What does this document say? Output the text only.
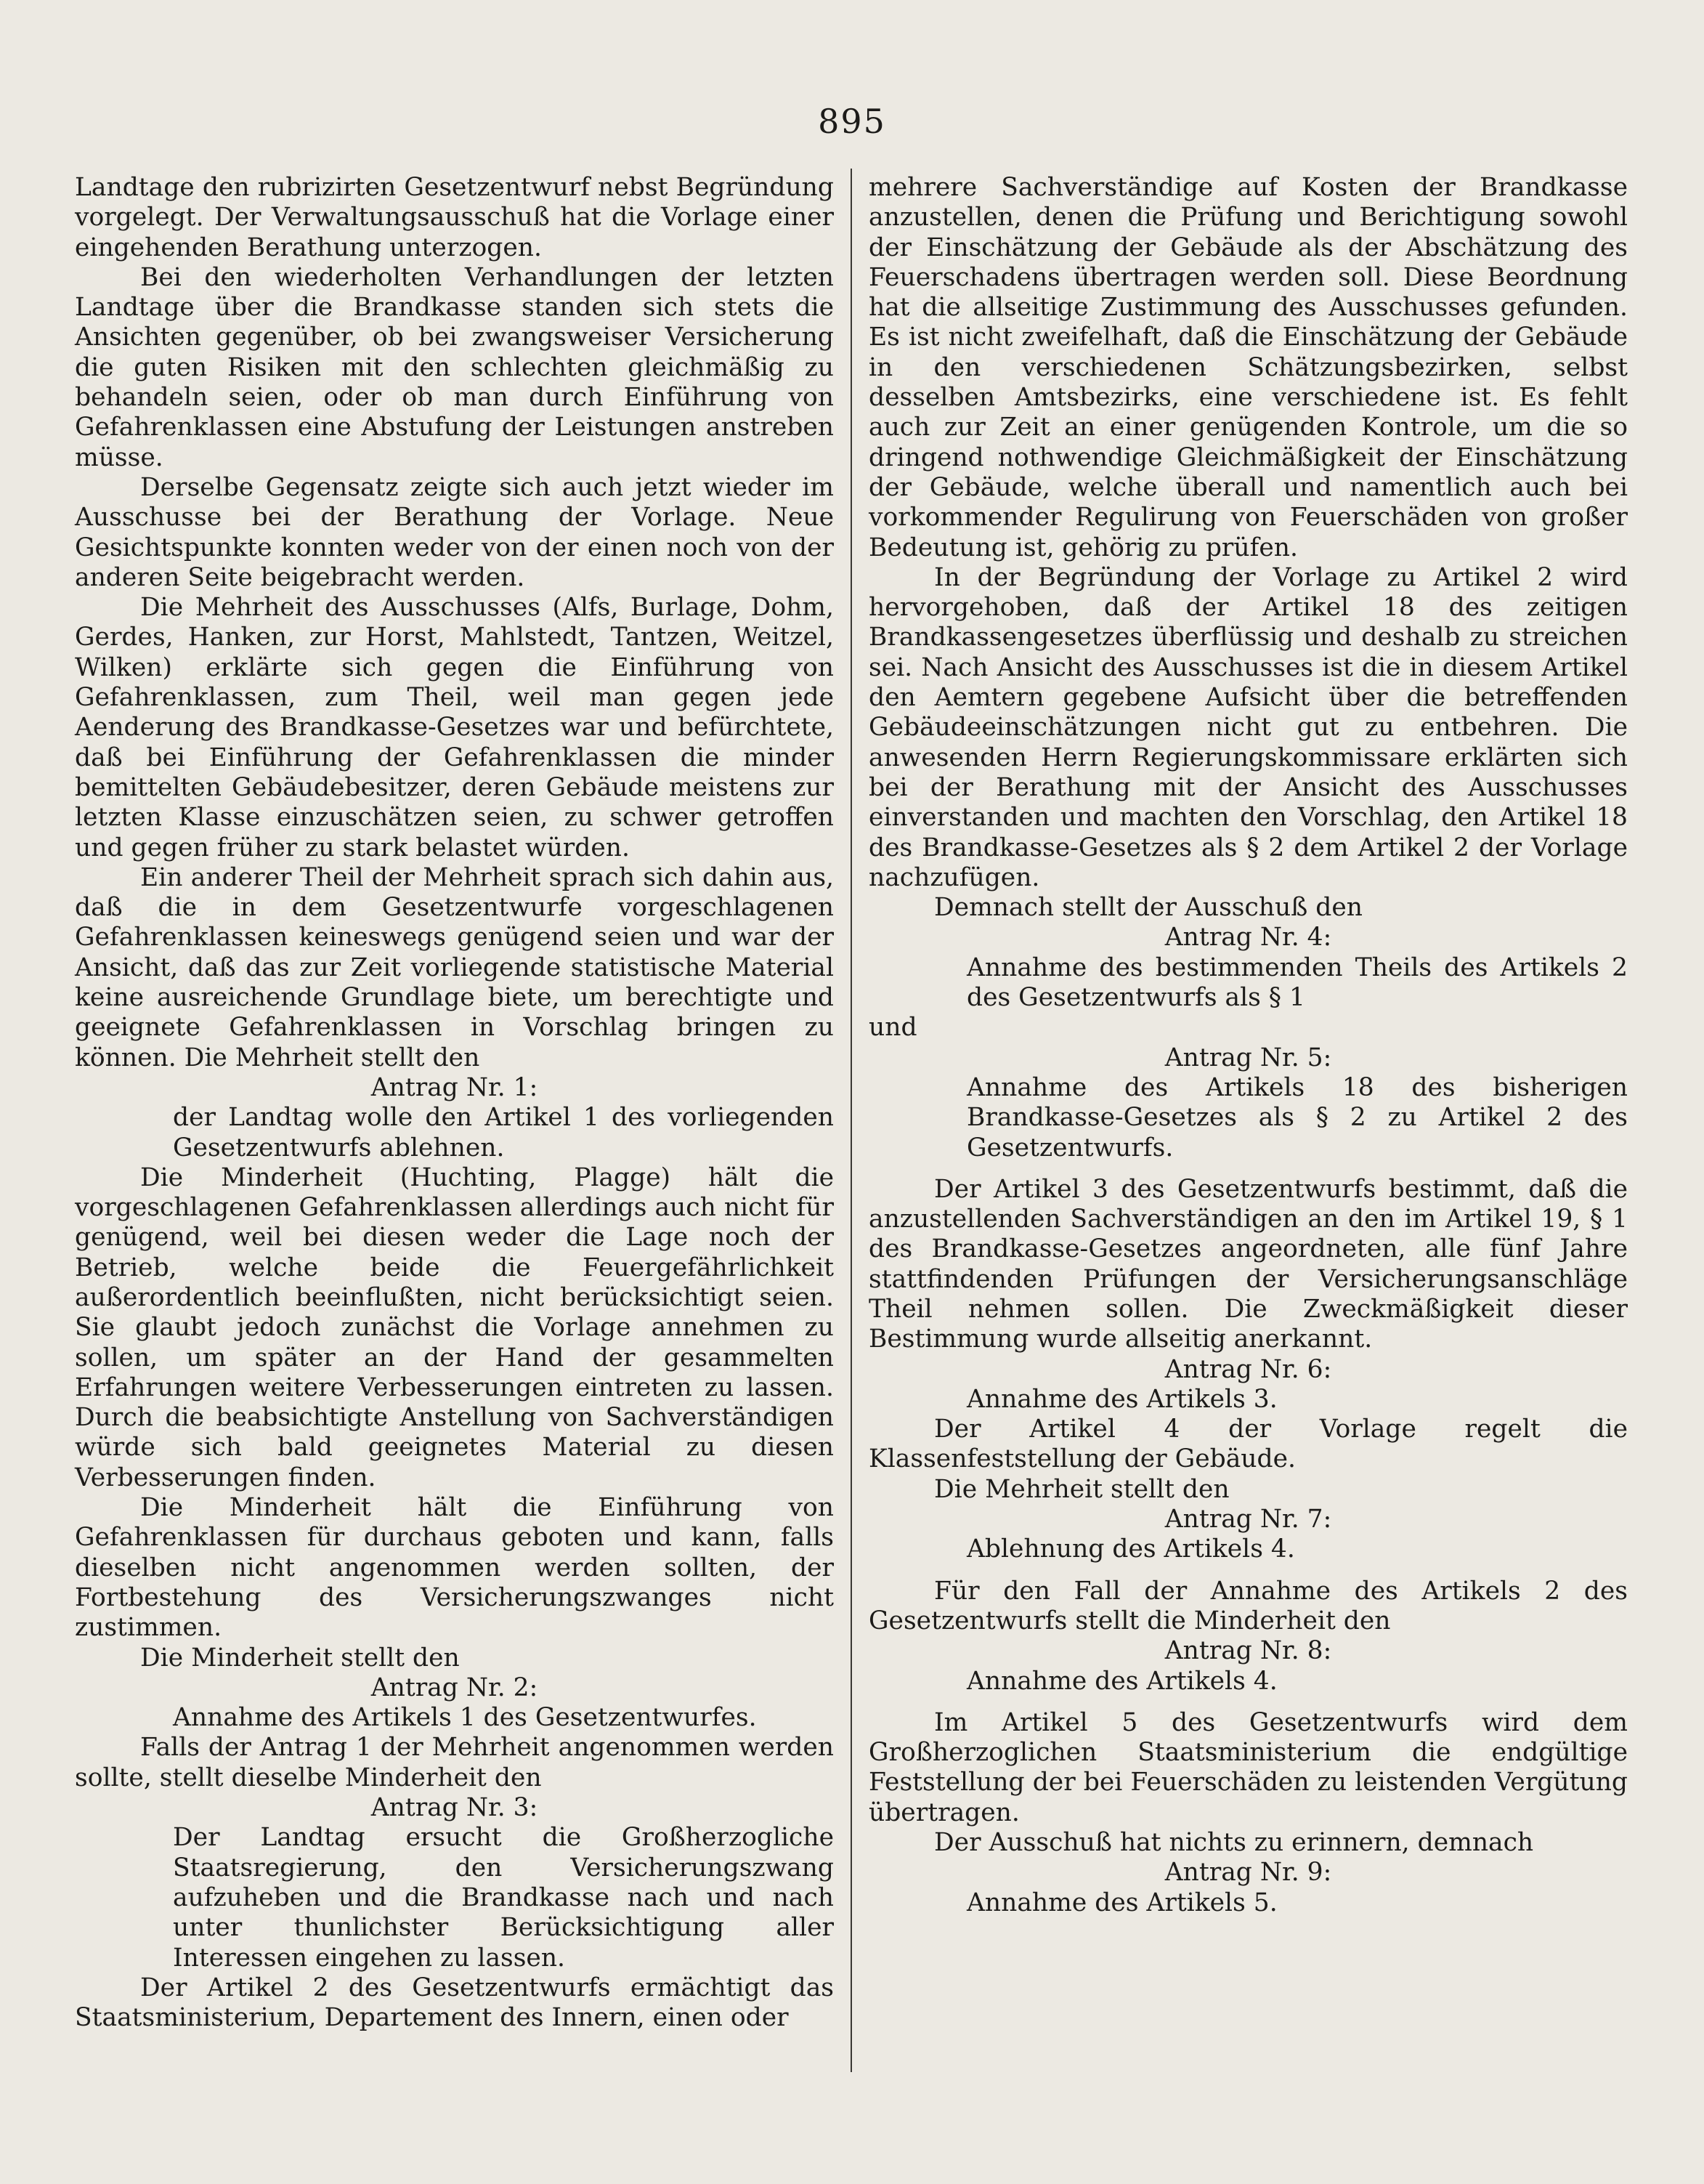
895

Landtage den rubrizirten Gesetzentwurf nebst Begründung vorgelegt. Der Verwaltungsausschuß hat die Vorlage einer eingehenden Berathung unterzogen.

Bei den wiederholten Verhandlungen der letzten Landtage über die Brandkasse standen sich stets die Ansichten gegenüber, ob bei zwangsweiser Versicherung die guten Risiken mit den schlechten gleichmäßig zu behandeln seien, oder ob man durch Einführung von Gefahrenklassen eine Abstufung der Leistungen anstreben müsse.

Derselbe Gegensatz zeigte sich auch jetzt wieder im Ausschusse bei der Berathung der Vorlage. Neue Gesichtspunkte konnten weder von der einen noch von der anderen Seite beigebracht werden.

Die Mehrheit des Ausschusses (Alfs, Burlage, Dohm, Gerdes, Hanken, zur Horst, Mahlstedt, Tantzen, Weitzel, Wilken) erklärte sich gegen die Einführung von Gefahrenklassen, zum Theil, weil man gegen jede Aenderung des Brandkasse-Gesetzes war und befürchtete, daß bei Einführung der Gefahrenklassen die minder bemittelten Gebäudebesitzer, deren Gebäude meistens zur letzten Klasse einzuschätzen seien, zu schwer getroffen und gegen früher zu stark belastet würden.

Ein anderer Theil der Mehrheit sprach sich dahin aus, daß die in dem Gesetzentwurfe vorgeschlagenen Gefahrenklassen keineswegs genügend seien und war der Ansicht, daß das zur Zeit vorliegende statistische Material keine ausreichende Grundlage biete, um berechtigte und geeignete Gefahrenklassen in Vorschlag bringen zu können. Die Mehrheit stellt den

Antrag Nr. 1:

der Landtag wolle den Artikel 1 des vorliegenden Gesetzentwurfs ablehnen.

Die Minderheit (Huchting, Plagge) hält die vorgeschlagenen Gefahrenklassen allerdings auch nicht für genügend, weil bei diesen weder die Lage noch der Betrieb, welche beide die Feuergefährlichkeit außerordentlich beeinflußten, nicht berücksichtigt seien. Sie glaubt jedoch zunächst die Vorlage annehmen zu sollen, um später an der Hand der gesammelten Erfahrungen weitere Verbesserungen eintreten zu lassen. Durch die beabsichtigte Anstellung von Sachverständigen würde sich bald geeignetes Material zu diesen Verbesserungen finden.

Die Minderheit hält die Einführung von Gefahrenklassen für durchaus geboten und kann, falls dieselben nicht angenommen werden sollten, der Fortbestehung des Versicherungszwanges nicht zustimmen.

Die Minderheit stellt den

Antrag Nr. 2:

Annahme des Artikels 1 des Gesetzentwurfes.

Falls der Antrag 1 der Mehrheit angenommen werden sollte, stellt dieselbe Minderheit den

Antrag Nr. 3:

Der Landtag ersucht die Großherzogliche Staatsregierung, den Versicherungszwang aufzuheben und die Brandkasse nach und nach unter thunlichster Berücksichtigung aller Interessen eingehen zu lassen.

Der Artikel 2 des Gesetzentwurfs ermächtigt das Staatsministerium, Departement des Innern, einen oder

mehrere Sachverständige auf Kosten der Brandkasse anzustellen, denen die Prüfung und Berichtigung sowohl der Einschätzung der Gebäude als der Abschätzung des Feuerschadens übertragen werden soll. Diese Beordnung hat die allseitige Zustimmung des Ausschusses gefunden. Es ist nicht zweifelhaft, daß die Einschätzung der Gebäude in den verschiedenen Schätzungsbezirken, selbst desselben Amtsbezirks, eine verschiedene ist. Es fehlt auch zur Zeit an einer genügenden Kontrole, um die so dringend nothwendige Gleichmäßigkeit der Einschätzung der Gebäude, welche überall und namentlich auch bei vorkommender Regulirung von Feuerschäden von großer Bedeutung ist, gehörig zu prüfen.

In der Begründung der Vorlage zu Artikel 2 wird hervorgehoben, daß der Artikel 18 des zeitigen Brandkassengesetzes überflüssig und deshalb zu streichen sei. Nach Ansicht des Ausschusses ist die in diesem Artikel den Aemtern gegebene Aufsicht über die betreffenden Gebäudeeinschätzungen nicht gut zu entbehren. Die anwesenden Herrn Regierungskommissare erklärten sich bei der Berathung mit der Ansicht des Ausschusses einverstanden und machten den Vorschlag, den Artikel 18 des Brandkasse-Gesetzes als § 2 dem Artikel 2 der Vorlage nachzufügen.

Demnach stellt der Ausschuß den

Antrag Nr. 4:

Annahme des bestimmenden Theils des Artikels 2 des Gesetzentwurfs als § 1

und

Antrag Nr. 5:

Annahme des Artikels 18 des bisherigen Brandkasse-Gesetzes als § 2 zu Artikel 2 des Gesetzentwurfs.

Der Artikel 3 des Gesetzentwurfs bestimmt, daß die anzustellenden Sachverständigen an den im Artikel 19, § 1 des Brandkasse-Gesetzes angeordneten, alle fünf Jahre stattfindenden Prüfungen der Versicherungsanschläge Theil nehmen sollen. Die Zweckmäßigkeit dieser Bestimmung wurde allseitig anerkannt.

Antrag Nr. 6:

Annahme des Artikels 3.

Der Artikel 4 der Vorlage regelt die Klassenfeststellung der Gebäude.

Die Mehrheit stellt den

Antrag Nr. 7:

Ablehnung des Artikels 4.

Für den Fall der Annahme des Artikels 2 des Gesetzentwurfs stellt die Minderheit den

Antrag Nr. 8:

Annahme des Artikels 4.

Im Artikel 5 des Gesetzentwurfs wird dem Großherzoglichen Staatsministerium die endgültige Feststellung der bei Feuerschäden zu leistenden Vergütung übertragen.

Der Ausschuß hat nichts zu erinnern, demnach

Antrag Nr. 9:

Annahme des Artikels 5.
